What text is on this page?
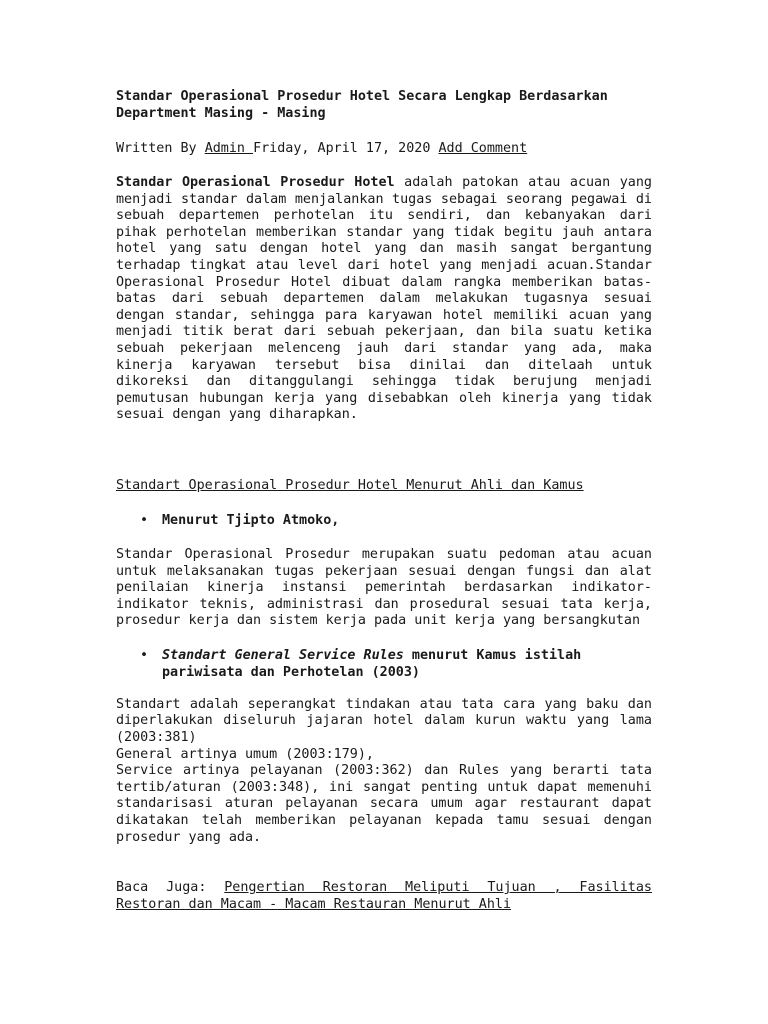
Standar Operasional Prosedur Hotel Secara Lengkap Berdasarkan Department Masing - Masing

Written By Admin Friday, April 17, 2020 Add Comment

Standar Operasional Prosedur Hotel adalah patokan atau acuan yang menjadi standar dalam menjalankan tugas sebagai seorang pegawai di sebuah departemen perhotelan itu sendiri, dan kebanyakan dari pihak perhotelan memberikan standar yang tidak begitu jauh antara hotel yang satu dengan hotel yang dan masih sangat bergantung terhadap tingkat atau level dari hotel yang menjadi acuan.Standar Operasional Prosedur Hotel dibuat dalam rangka memberikan batas-batas dari sebuah departemen dalam melakukan tugasnya sesuai dengan standar, sehingga para karyawan hotel memiliki acuan yang menjadi titik berat dari sebuah pekerjaan, dan bila suatu ketika sebuah pekerjaan melenceng jauh dari standar yang ada, maka kinerja karyawan tersebut bisa dinilai dan ditelaah untuk dikoreksi dan ditanggulangi sehingga tidak berujung menjadi pemutusan hubungan kerja yang disebabkan oleh kinerja yang tidak sesuai dengan yang diharapkan.

Standart Operasional Prosedur Hotel Menurut Ahli dan Kamus

• Menurut Tjipto Atmoko,

Standar Operasional Prosedur merupakan suatu pedoman atau acuan untuk melaksanakan tugas pekerjaan sesuai dengan fungsi dan alat penilaian kinerja instansi pemerintah berdasarkan indikator-indikator teknis, administrasi dan prosedural sesuai tata kerja, prosedur kerja dan sistem kerja pada unit kerja yang bersangkutan

• Standart General Service Rules menurut Kamus istilah pariwisata dan Perhotelan (2003)

Standart adalah seperangkat tindakan atau tata cara yang baku dan diperlakukan diseluruh jajaran hotel dalam kurun waktu yang lama (2003:381)

General artinya umum (2003:179),

Service artinya pelayanan (2003:362) dan Rules yang berarti tata tertib/aturan (2003:348), ini sangat penting untuk dapat memenuhi standarisasi aturan pelayanan secara umum agar restaurant dapat dikatakan telah memberikan pelayanan kepada tamu sesuai dengan prosedur yang ada.

Baca Juga: Pengertian Restoran Meliputi Tujuan , Fasilitas Restoran dan Macam - Macam Restauran Menurut Ahli
